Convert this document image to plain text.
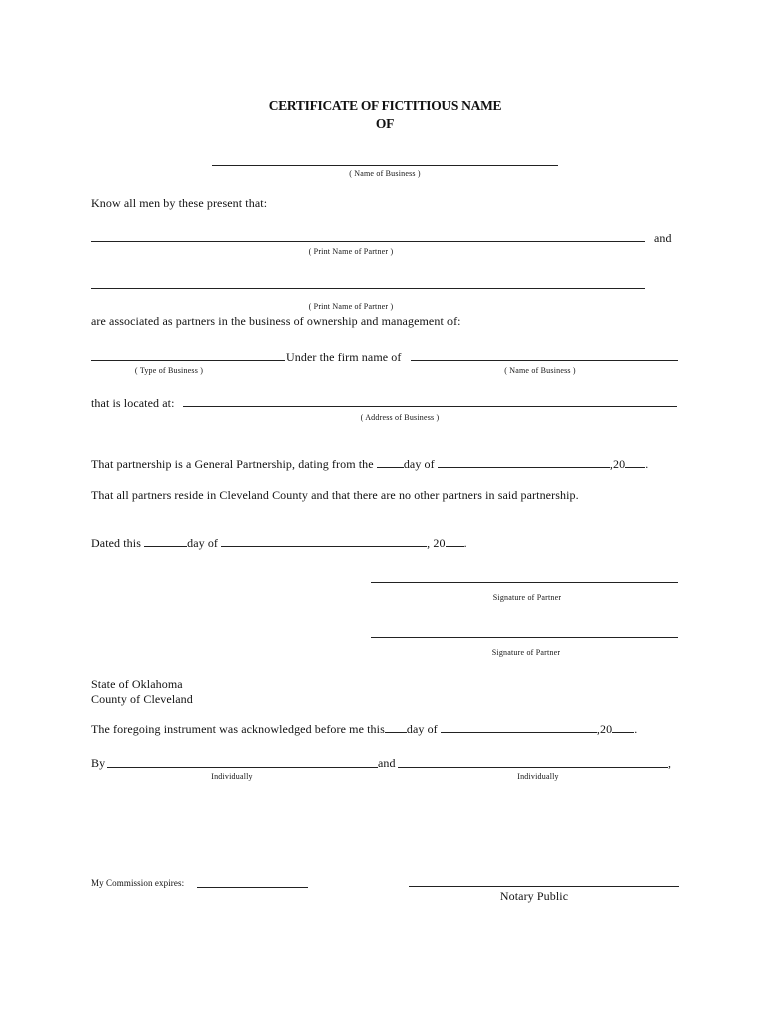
CERTIFICATE OF FICTITIOUS NAME
OF
( Name of Business )
Know all men by these present that:
and
( Print Name of Partner )
( Print Name of Partner )
are associated as partners in the business of ownership and management of:
Under the firm name of
( Type of Business )	( Name of Business )
that is located at:
( Address of Business )
That partnership is a General Partnership, dating from the	day of	,20 .
That all partners reside in Cleveland County and that there are no other partners in said partnership.
Dated this	day of	, 20 .
Signature of Partner
Signature of Partner
State of Oklahoma
County of Cleveland
The foregoing instrument was acknowledged before me this day of	,20 .
By	and	,
Individually	Individually
My Commission expires:
Notary Public
